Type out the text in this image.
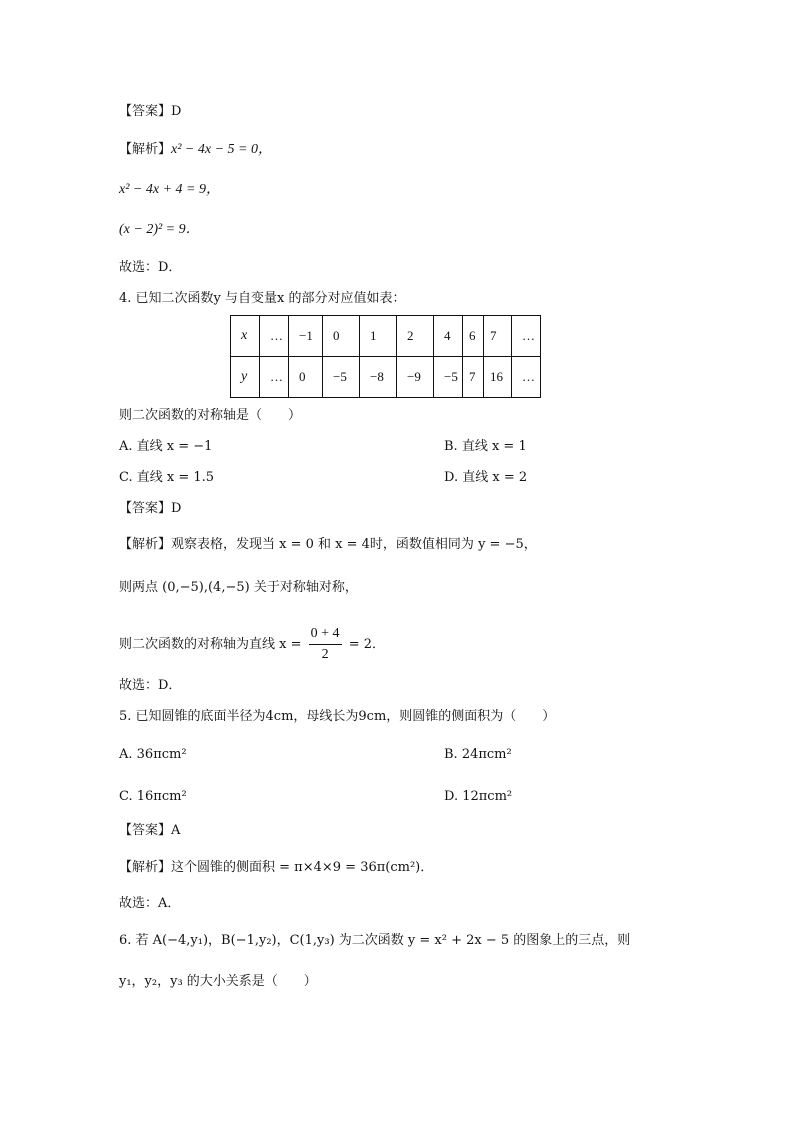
【答案】D
【解析】x² − 4x − 5 = 0，
x² − 4x + 4 = 9，
(x − 2)² = 9．
故选：D．
4. 已知二次函数y 与自变量x 的部分对应值如表：
x	…	−1	0	1	2	4	6	7	…
y	…	0	−5	−8	−9	−5	7	16	…
则二次函数的对称轴是（　　）
A. 直线 x = −1	B. 直线 x = 1
C. 直线 x = 1.5	D. 直线 x = 2
【答案】D
【解析】观察表格，发现当 x = 0 和 x = 4时，函数值相同为 y = −5，
则两点 (0,−5),(4,−5) 关于对称轴对称，
则二次函数的对称轴为直线 $x = \frac{0 + 4}{2} = 2$．
故选：D．
5. 已知圆锥的底面半径为4cm，母线长为9cm，则圆锥的侧面积为（　　）
A. 36πcm²	B. 24πcm²
C. 16πcm²	D. 12πcm²
【答案】A
【解析】这个圆锥的侧面积 = π×4×9 = 36π(cm²)．
故选：A．
6. 若 A(−4,y₁)，B(−1,y₂)，C(1,y₃) 为二次函数 y = x² + 2x − 5 的图象上的三点，则
y₁，y₂，y₃ 的大小关系是（　　）
